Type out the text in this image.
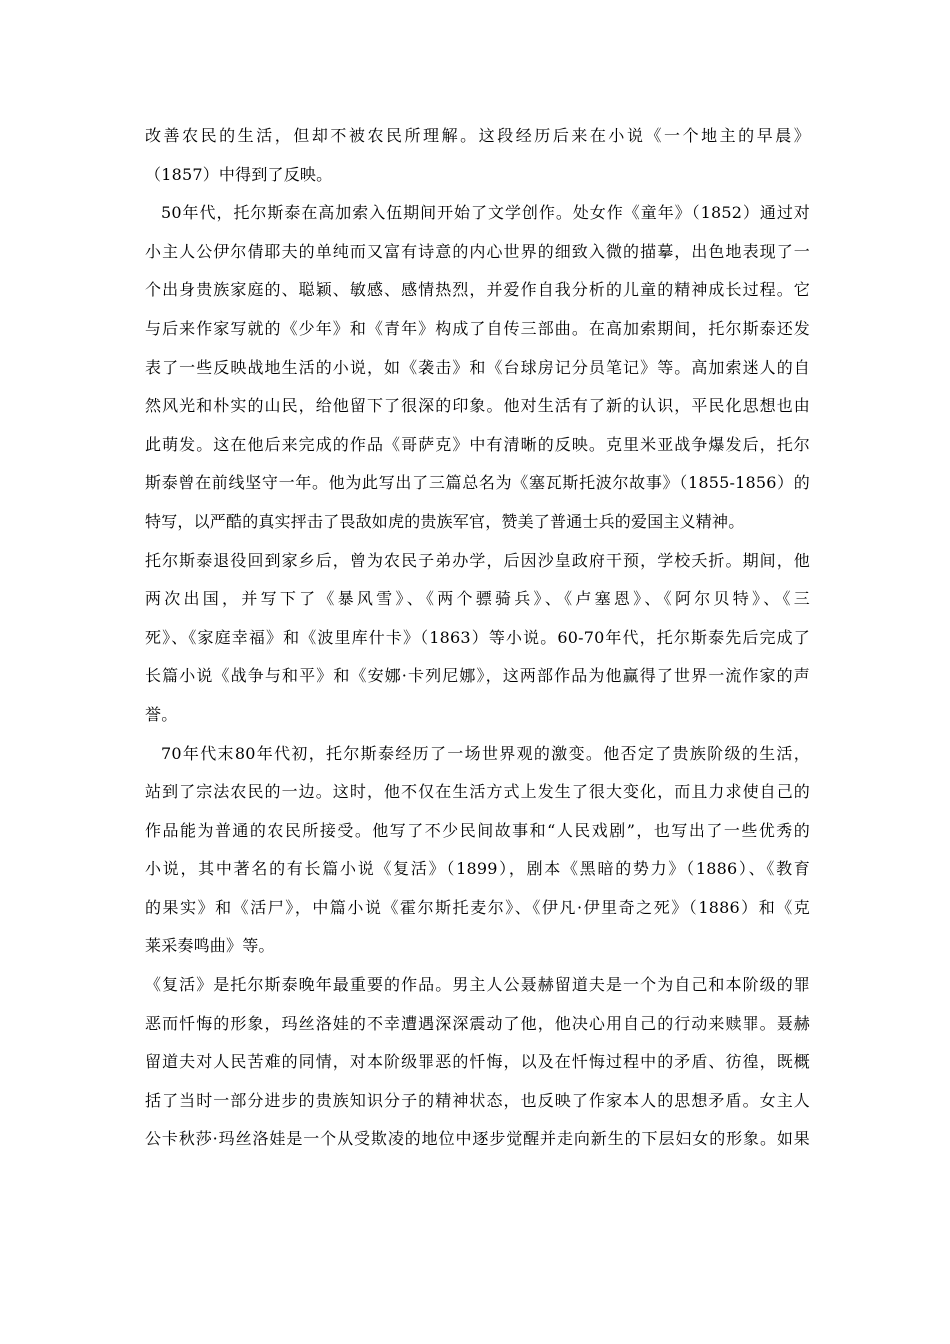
改善农民的生活，但却不被农民所理解。这段经历后来在小说《一个地主的早晨》
（1857）中得到了反映。
50年代，托尔斯泰在高加索入伍期间开始了文学创作。处女作《童年》（1852）通过对
小主人公伊尔倩耶夫的单纯而又富有诗意的内心世界的细致入微的描摹，出色地表现了一
个出身贵族家庭的、聪颖、敏感、感情热烈，并爱作自我分析的儿童的精神成长过程。它
与后来作家写就的《少年》和《青年》构成了自传三部曲。在高加索期间，托尔斯泰还发
表了一些反映战地生活的小说，如《袭击》和《台球房记分员笔记》等。高加索迷人的自
然风光和朴实的山民，给他留下了很深的印象。他对生活有了新的认识，平民化思想也由
此萌发。这在他后来完成的作品《哥萨克》中有清晰的反映。克里米亚战争爆发后，托尔
斯泰曾在前线坚守一年。他为此写出了三篇总名为《塞瓦斯托波尔故事》（1855-1856）的
特写，以严酷的真实抨击了畏敌如虎的贵族军官，赞美了普通士兵的爱国主义精神。
托尔斯泰退役回到家乡后，曾为农民子弟办学，后因沙皇政府干预，学校夭折。期间，他
两次出国，并写下了《暴风雪》、《两个骠骑兵》、《卢塞恩》、《阿尔贝特》、《三
死》、《家庭幸福》和《波里库什卡》（1863）等小说。60-70年代，托尔斯泰先后完成了
长篇小说《战争与和平》和《安娜·卡列尼娜》，这两部作品为他赢得了世界一流作家的声
誉。
70年代末80年代初，托尔斯泰经历了一场世界观的激变。他否定了贵族阶级的生活，
站到了宗法农民的一边。这时，他不仅在生活方式上发生了很大变化，而且力求使自己的
作品能为普通的农民所接受。他写了不少民间故事和“人民戏剧”，也写出了一些优秀的
小说，其中著名的有长篇小说《复活》（1899），剧本《黑暗的势力》（1886）、《教育
的果实》和《活尸》，中篇小说《霍尔斯托麦尔》、《伊凡·伊里奇之死》（1886）和《克
莱采奏鸣曲》等。
《复活》是托尔斯泰晚年最重要的作品。男主人公聂赫留道夫是一个为自己和本阶级的罪
恶而忏悔的形象，玛丝洛娃的不幸遭遇深深震动了他，他决心用自己的行动来赎罪。聂赫
留道夫对人民苦难的同情，对本阶级罪恶的忏悔，以及在忏悔过程中的矛盾、彷徨，既概
括了当时一部分进步的贵族知识分子的精神状态，也反映了作家本人的思想矛盾。女主人
公卡秋莎·玛丝洛娃是一个从受欺凌的地位中逐步觉醒并走向新生的下层妇女的形象。如果
